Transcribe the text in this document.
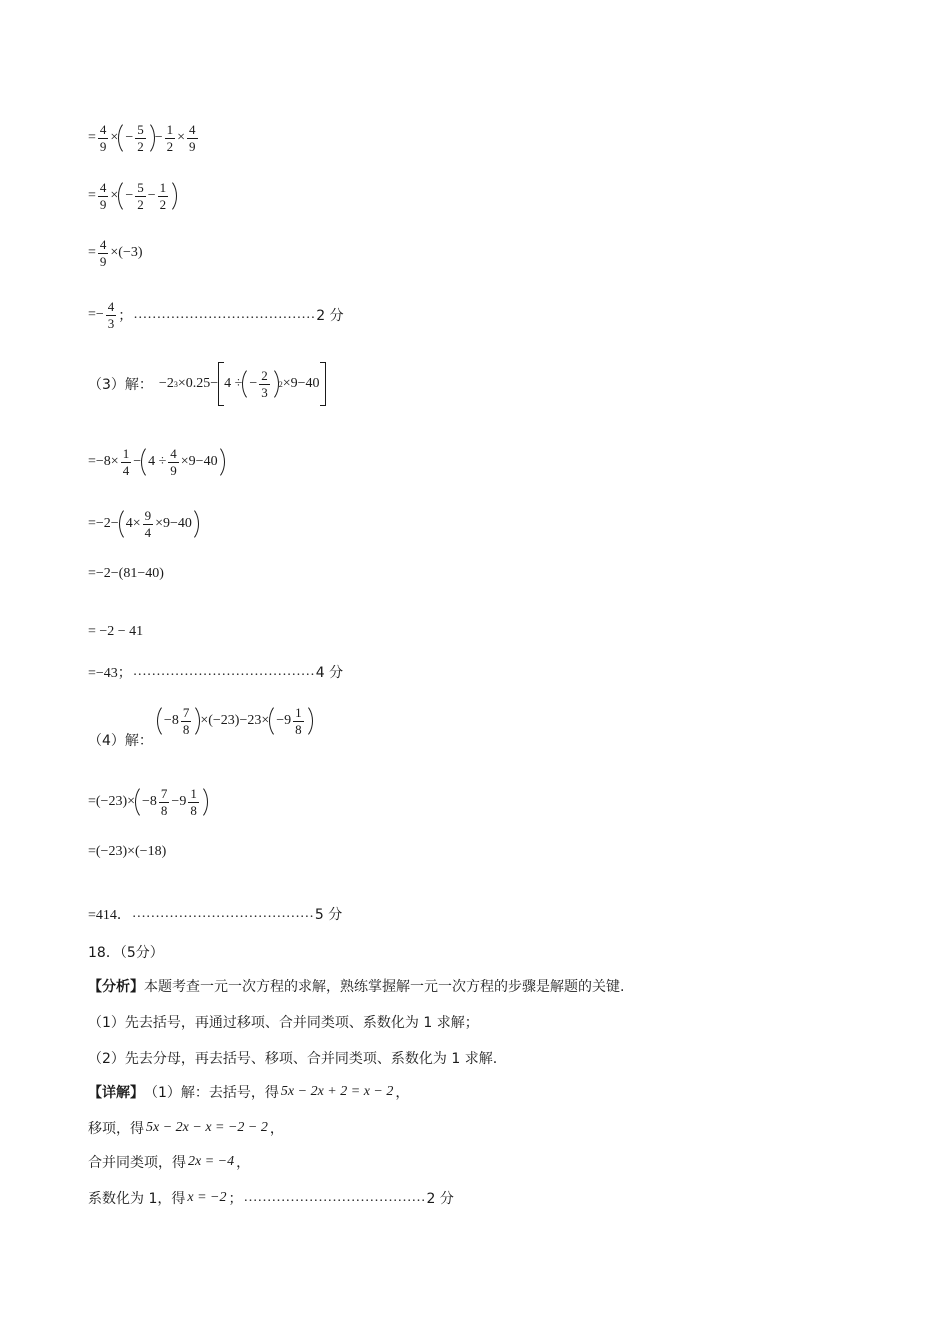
= $\frac{4}{9}$ × − $\frac{5}{2} - \frac{1}{2} \times \frac{4}{9}$
= $\frac{4}{9}$ × − $\frac{5}{2} - \frac{1}{2}$
= $\frac{4}{9} \times(-3)$
=− $\frac{4}{3}$ ； ………………………………… 2 分
（3）解： −2 3 ×0.25− 4 ÷ − $\frac{2}{3} 2 \times 9-40$
$=-8\times \frac{1}{4} - 4 \div \frac{4}{9} \times 9-40$
$=-2- 4\times \frac{9}{4} \times 9-40$
=−2−(81−40)
= −2 − 41
=−43； ………………………………… 4 分
（4）解：
$-8 \frac{7}{8} \times(-23)-23\times -9 \frac{1}{8}$
$=(-23)\times -8 \frac{7}{8} -9 \frac{1}{8}$
=(−23)×(−18)
=414． ………………………………… 5 分
18．（5分）
【分析】 本题考查一元一次方程的求解，熟练掌握解一元一次方程的步骤是解题的关键.
（1）先去括号，再通过移项、合并同类项、系数化为 1 求解；
（2）先去分母，再去括号、移项、合并同类项、系数化为 1 求解.
【详解】 （1）解：去括号，得 5x − 2x + 2 = x − 2 ，
移项，得 5x − 2x − x = −2 − 2 ，
合并同类项，得 2x = −4 ，
系数化为 1，得 x = −2 ； ………………………………… 2 分
